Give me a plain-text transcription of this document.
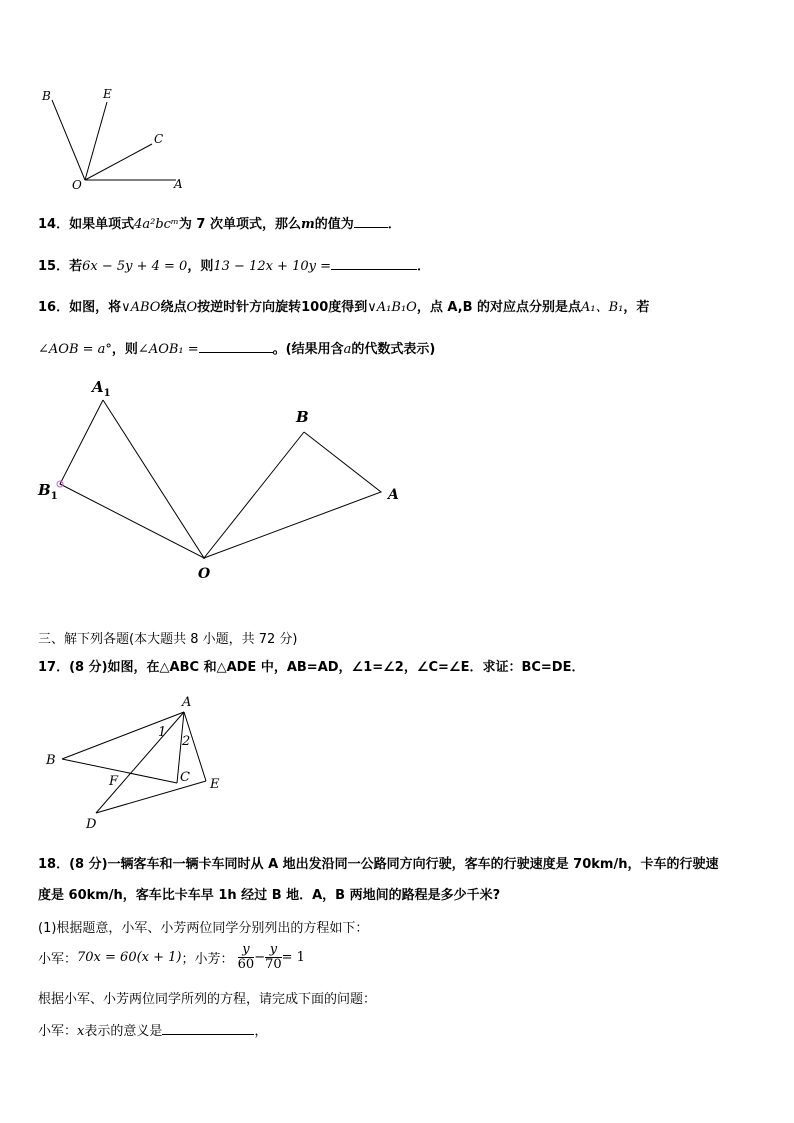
B	E
C
O	A
14．如果单项式4a²bcᵐ为 7 次单项式，那么m的值为	．
15．若6x − 5y + 4 = 0，则13 − 12x + 10y =	．
16．如图，将∨ABO绕点O按逆时针方向旋转100度得到∨A₁B₁O，点 A,B 的对应点分别是点A₁、B₁，若
∠AOB = a°，则∠AOB₁ =	。(结果用含a的代数式表示)
$A_1$
B
$B_1$	A
O
三、解下列各题(本大题共 8 小题，共 72 分)
17．(8 分)如图，在△ABC 和△ADE 中，AB=AD，∠1=∠2，∠C=∠E．求证：BC=DE．
A
1
2
B
F	C E
D
18．(8 分)一辆客车和一辆卡车同时从 A 地出发沿同一公路同方向行驶，客车的行驶速度是 70km/h，卡车的行驶速
度是 60km/h，客车比卡车早 1h 经过 B 地．A，B 两地间的路程是多少千米?
(1)根据题意，小军、小芳两位同学分别列出的方程如下：
小军：70x = 60(x + 1)；小芳： $\frac{y}{60} - \frac{y}{70} = 1$
根据小军、小芳两位同学所列的方程，请完成下面的问题：
小军：x表示的意义是	，
